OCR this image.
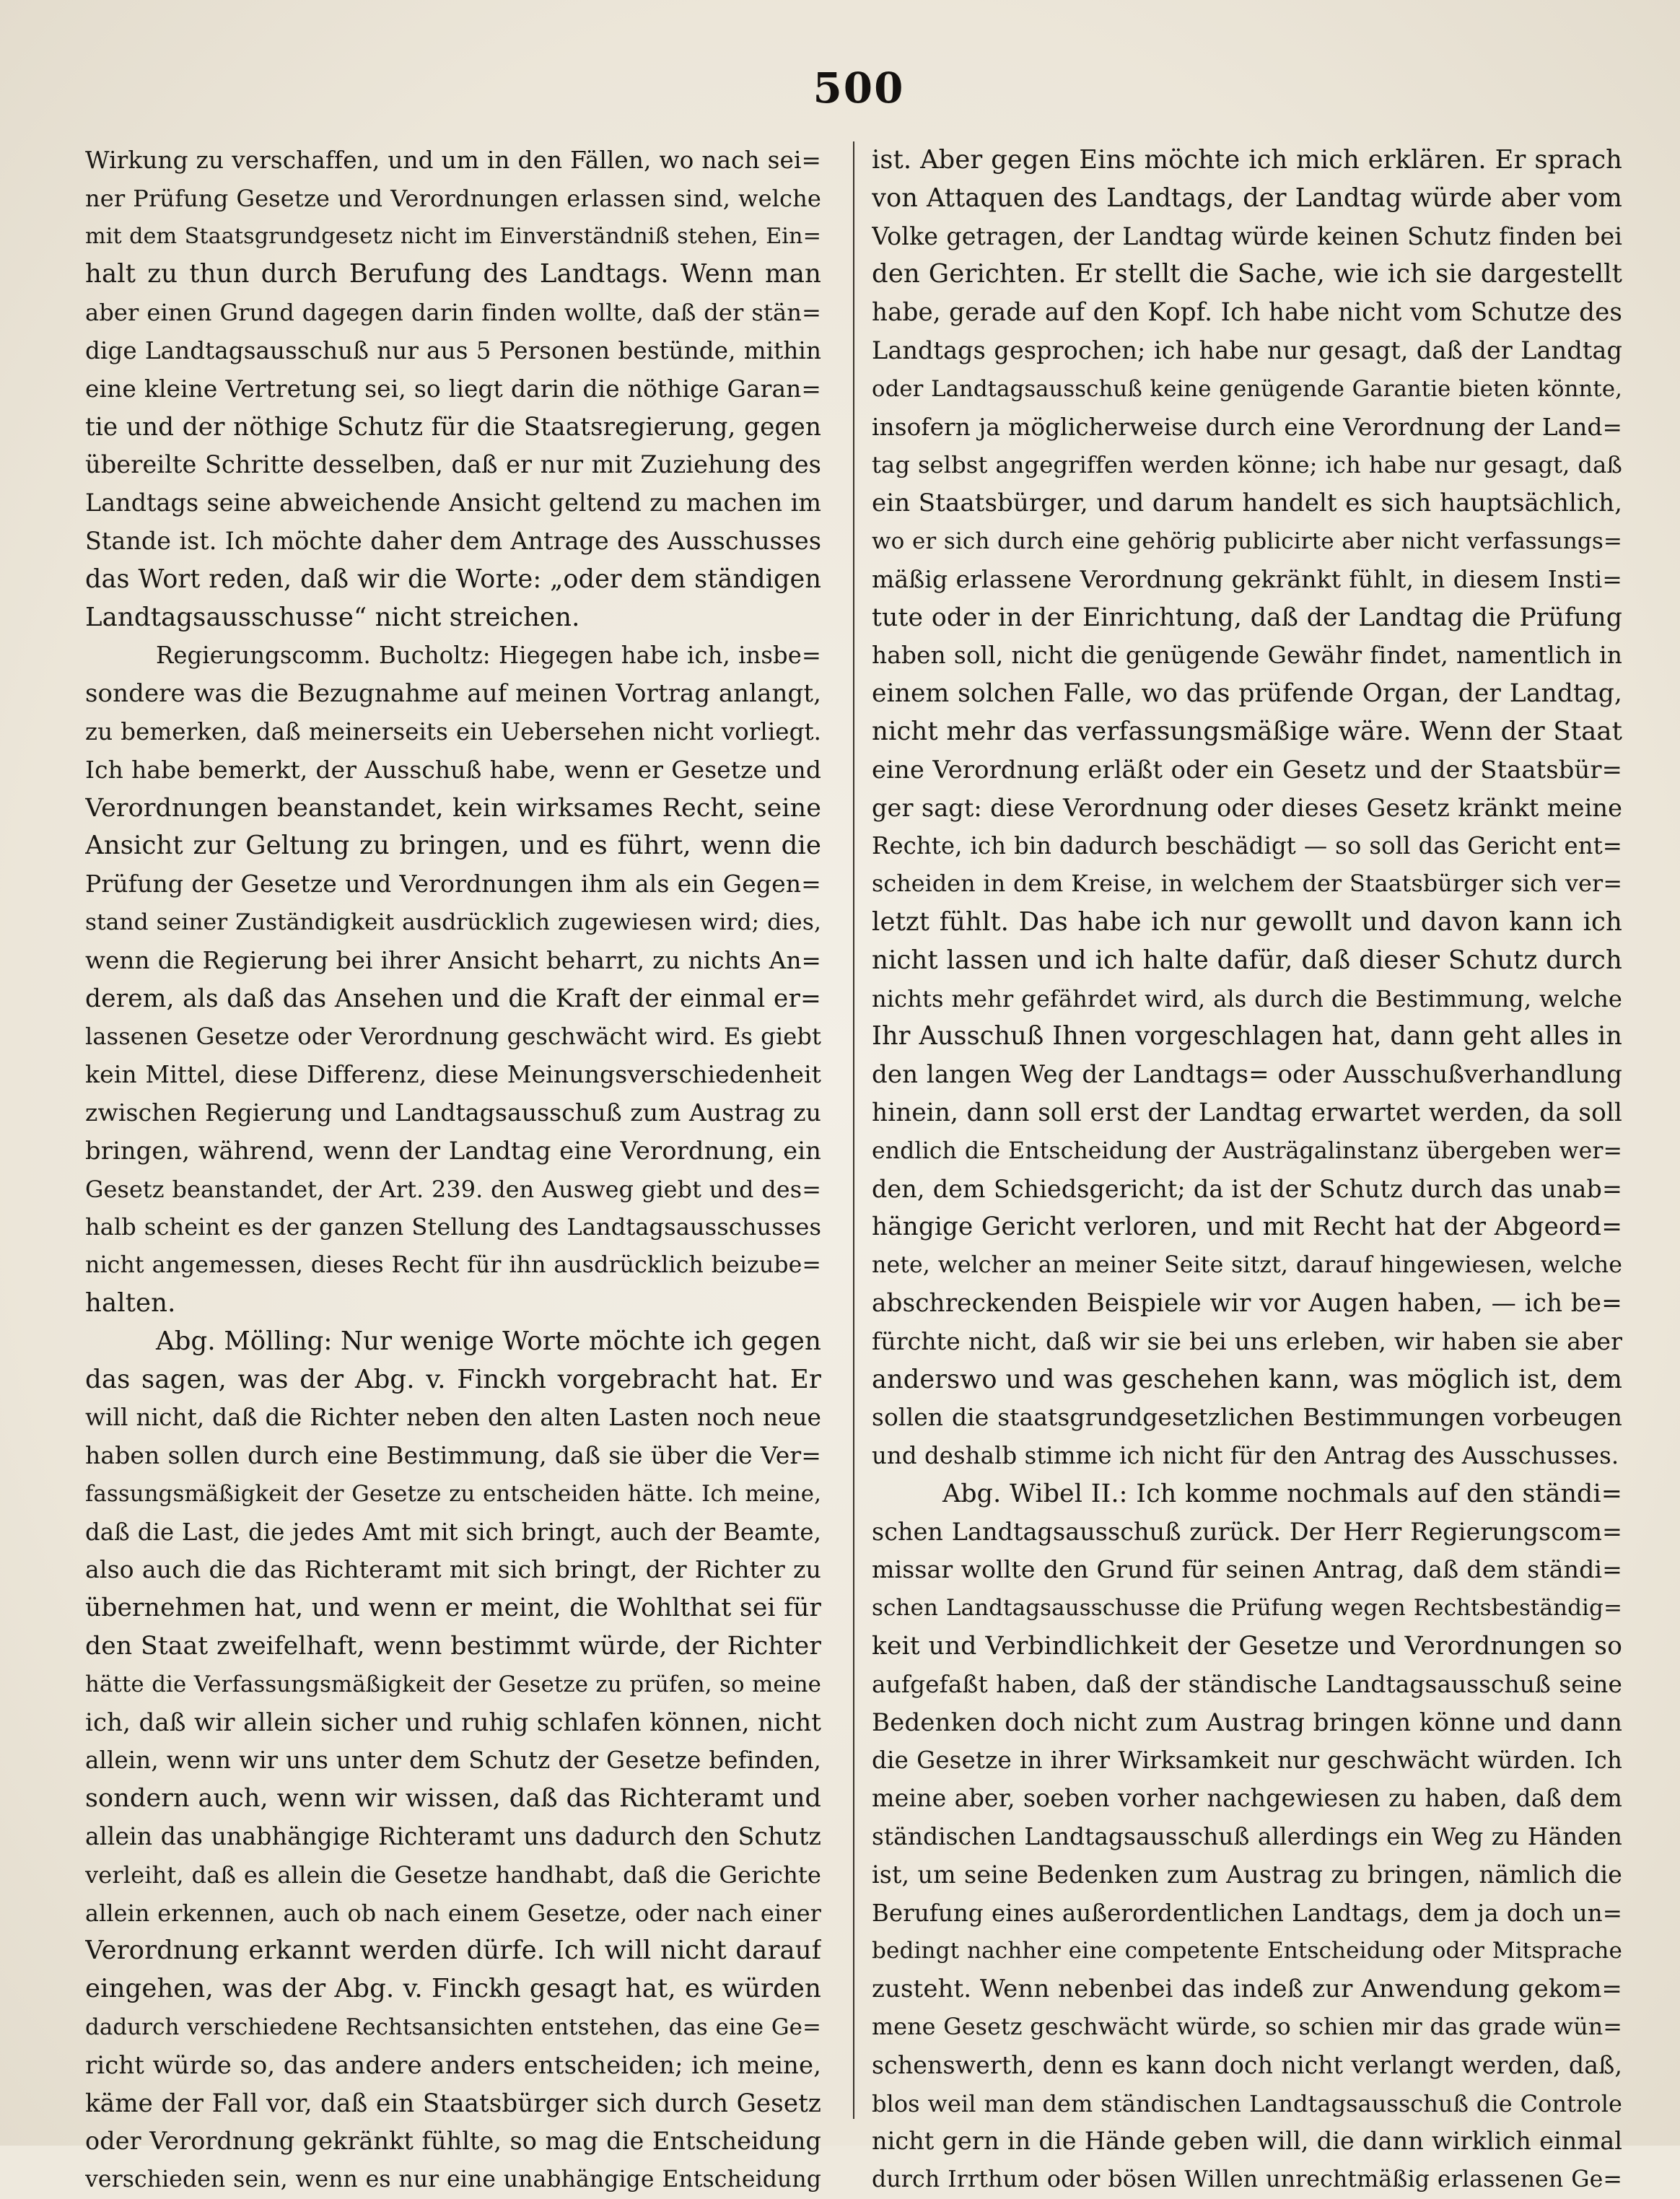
500
Wirkung zu verschaffen, und um in den Fällen, wo nach sei=
ner Prüfung Gesetze und Verordnungen erlassen sind, welche
mit dem Staatsgrundgesetz nicht im Einverständniß stehen, Ein=
halt zu thun durch Berufung des Landtags. Wenn man
aber einen Grund dagegen darin finden wollte, daß der stän=
dige Landtagsausschuß nur aus 5 Personen bestünde, mithin
eine kleine Vertretung sei, so liegt darin die nöthige Garan=
tie und der nöthige Schutz für die Staatsregierung, gegen
übereilte Schritte desselben, daß er nur mit Zuziehung des
Landtags seine abweichende Ansicht geltend zu machen im
Stande ist. Ich möchte daher dem Antrage des Ausschusses
das Wort reden, daß wir die Worte: „oder dem ständigen
Landtagsausschusse“ nicht streichen.
Regierungscomm. Bucholtz: Hiegegen habe ich, insbe=
sondere was die Bezugnahme auf meinen Vortrag anlangt,
zu bemerken, daß meinerseits ein Uebersehen nicht vorliegt.
Ich habe bemerkt, der Ausschuß habe, wenn er Gesetze und
Verordnungen beanstandet, kein wirksames Recht, seine
Ansicht zur Geltung zu bringen, und es führt, wenn die
Prüfung der Gesetze und Verordnungen ihm als ein Gegen=
stand seiner Zuständigkeit ausdrücklich zugewiesen wird; dies,
wenn die Regierung bei ihrer Ansicht beharrt, zu nichts An=
derem, als daß das Ansehen und die Kraft der einmal er=
lassenen Gesetze oder Verordnung geschwächt wird. Es giebt
kein Mittel, diese Differenz, diese Meinungsverschiedenheit
zwischen Regierung und Landtagsausschuß zum Austrag zu
bringen, während, wenn der Landtag eine Verordnung, ein
Gesetz beanstandet, der Art. 239. den Ausweg giebt und des=
halb scheint es der ganzen Stellung des Landtagsausschusses
nicht angemessen, dieses Recht für ihn ausdrücklich beizube=
halten.
Abg. Mölling: Nur wenige Worte möchte ich gegen
das sagen, was der Abg. v. Finckh vorgebracht hat. Er
will nicht, daß die Richter neben den alten Lasten noch neue
haben sollen durch eine Bestimmung, daß sie über die Ver=
fassungsmäßigkeit der Gesetze zu entscheiden hätte. Ich meine,
daß die Last, die jedes Amt mit sich bringt, auch der Beamte,
also auch die das Richteramt mit sich bringt, der Richter zu
übernehmen hat, und wenn er meint, die Wohlthat sei für
den Staat zweifelhaft, wenn bestimmt würde, der Richter
hätte die Verfassungsmäßigkeit der Gesetze zu prüfen, so meine
ich, daß wir allein sicher und ruhig schlafen können, nicht
allein, wenn wir uns unter dem Schutz der Gesetze befinden,
sondern auch, wenn wir wissen, daß das Richteramt und
allein das unabhängige Richteramt uns dadurch den Schutz
verleiht, daß es allein die Gesetze handhabt, daß die Gerichte
allein erkennen, auch ob nach einem Gesetze, oder nach einer
Verordnung erkannt werden dürfe. Ich will nicht darauf
eingehen, was der Abg. v. Finckh gesagt hat, es würden
dadurch verschiedene Rechtsansichten entstehen, das eine Ge=
richt würde so, das andere anders entscheiden; ich meine,
käme der Fall vor, daß ein Staatsbürger sich durch Gesetz
oder Verordnung gekränkt fühlte, so mag die Entscheidung
verschieden sein, wenn es nur eine unabhängige Entscheidung
ist. Aber gegen Eins möchte ich mich erklären. Er sprach
von Attaquen des Landtags, der Landtag würde aber vom
Volke getragen, der Landtag würde keinen Schutz finden bei
den Gerichten. Er stellt die Sache, wie ich sie dargestellt
habe, gerade auf den Kopf. Ich habe nicht vom Schutze des
Landtags gesprochen; ich habe nur gesagt, daß der Landtag
oder Landtagsausschuß keine genügende Garantie bieten könnte,
insofern ja möglicherweise durch eine Verordnung der Land=
tag selbst angegriffen werden könne; ich habe nur gesagt, daß
ein Staatsbürger, und darum handelt es sich hauptsächlich,
wo er sich durch eine gehörig publicirte aber nicht verfassungs=
mäßig erlassene Verordnung gekränkt fühlt, in diesem Insti=
tute oder in der Einrichtung, daß der Landtag die Prüfung
haben soll, nicht die genügende Gewähr findet, namentlich in
einem solchen Falle, wo das prüfende Organ, der Landtag,
nicht mehr das verfassungsmäßige wäre. Wenn der Staat
eine Verordnung erläßt oder ein Gesetz und der Staatsbür=
ger sagt: diese Verordnung oder dieses Gesetz kränkt meine
Rechte, ich bin dadurch beschädigt — so soll das Gericht ent=
scheiden in dem Kreise, in welchem der Staatsbürger sich ver=
letzt fühlt. Das habe ich nur gewollt und davon kann ich
nicht lassen und ich halte dafür, daß dieser Schutz durch
nichts mehr gefährdet wird, als durch die Bestimmung, welche
Ihr Ausschuß Ihnen vorgeschlagen hat, dann geht alles in
den langen Weg der Landtags= oder Ausschußverhandlung
hinein, dann soll erst der Landtag erwartet werden, da soll
endlich die Entscheidung der Austrägalinstanz übergeben wer=
den, dem Schiedsgericht; da ist der Schutz durch das unab=
hängige Gericht verloren, und mit Recht hat der Abgeord=
nete, welcher an meiner Seite sitzt, darauf hingewiesen, welche
abschreckenden Beispiele wir vor Augen haben, — ich be=
fürchte nicht, daß wir sie bei uns erleben, wir haben sie aber
anderswo und was geschehen kann, was möglich ist, dem
sollen die staatsgrundgesetzlichen Bestimmungen vorbeugen
und deshalb stimme ich nicht für den Antrag des Ausschusses.
Abg. Wibel II.: Ich komme nochmals auf den ständi=
schen Landtagsausschuß zurück. Der Herr Regierungscom=
missar wollte den Grund für seinen Antrag, daß dem ständi=
schen Landtagsausschusse die Prüfung wegen Rechtsbeständig=
keit und Verbindlichkeit der Gesetze und Verordnungen so
aufgefaßt haben, daß der ständische Landtagsausschuß seine
Bedenken doch nicht zum Austrag bringen könne und dann
die Gesetze in ihrer Wirksamkeit nur geschwächt würden. Ich
meine aber, soeben vorher nachgewiesen zu haben, daß dem
ständischen Landtagsausschuß allerdings ein Weg zu Händen
ist, um seine Bedenken zum Austrag zu bringen, nämlich die
Berufung eines außerordentlichen Landtags, dem ja doch un=
bedingt nachher eine competente Entscheidung oder Mitsprache
zusteht. Wenn nebenbei das indeß zur Anwendung gekom=
mene Gesetz geschwächt würde, so schien mir das grade wün=
schenswerth, denn es kann doch nicht verlangt werden, daß,
blos weil man dem ständischen Landtagsausschuß die Controle
nicht gern in die Hände geben will, die dann wirklich einmal
durch Irrthum oder bösen Willen unrechtmäßig erlassenen Ge=
